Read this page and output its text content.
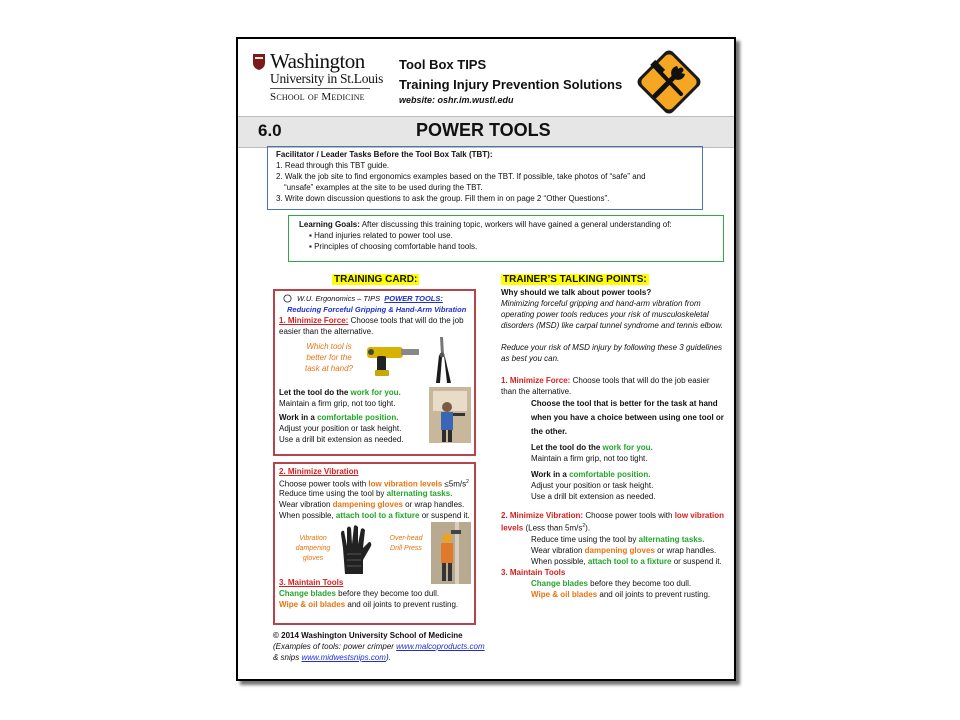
Washington
University in St.Louis
School of Medicine
Tool Box TIPS
Training Injury Prevention Solutions
website: oshr.im.wustl.edu
6.0	POWER TOOLS

Facilitator / Leader Tasks Before the Tool Box Talk (TBT):

1. Read through this TBT guide.

2. Walk the job site to find ergonomics examples based on the TBT. If possible, take photos of “safe” and

“unsafe” examples at the site to be used during the TBT.

3. Write down discussion questions to ask the group. Fill them in on page 2 “Other Questions”.

Learning Goals: After discussing this training topic, workers will have gained a general understanding of:

▪ Hand injuries related to power tool use.

▪ Principles of choosing comfortable hand tools.

TRAINING CARD:
W.U. Ergonomics – TIPS POWER TOOLS:
Reducing Forceful Gripping & Hand-Arm Vibration
1. Minimize Force: Choose tools that will do the job easier than the alternative.
Which tool is
better for the
task at hand?
Let the tool do the work for you.
Maintain a firm grip, not too tight.
Work in a comfortable position.
Adjust your position or task height.
Use a drill bit extension as needed.
2. Minimize Vibration
Choose power tools with low vibration levels $\le 5m/s^2$
Reduce time using the tool by alternating tasks.
Wear vibration dampening gloves or wrap handles.
When possible, attach tool to a fixture or suspend it.
Vibration
dampening
gloves
Over-head
Drill Press
3. Maintain Tools
Change blades before they become too dull.
Wipe & oil blades and oil joints to prevent rusting.
© 2014 Washington University School of Medicine
(Examples of tools: power crimper www.malcoproducts.com
& snips www.midwestsnips.com).
TRAINER’S TALKING POINTS:

Why should we talk about power tools?

Minimizing forceful gripping and hand-arm vibration from operating power tools reduces your risk of musculoskeletal disorders (MSD) like carpal tunnel syndrome and tennis elbow.

Reduce your risk of MSD injury by following these 3 guidelines as best you can.

1. Minimize Force: Choose tools that will do the job easier than the alternative.

Choose the tool that is better for the task at hand when you have a choice between using one tool or the other.

Let the tool do the work for you.

Maintain a firm grip, not too tight.

Work in a comfortable position.

Adjust your position or task height.

Use a drill bit extension as needed.

2. Minimize Vibration: Choose power tools with low vibration levels (Less than $5m/s^2$).

Reduce time using the tool by alternating tasks.

Wear vibration dampening gloves or wrap handles.

When possible, attach tool to a fixture or suspend it.

3. Maintain Tools

Change blades before they become too dull.

Wipe & oil blades and oil joints to prevent rusting.
